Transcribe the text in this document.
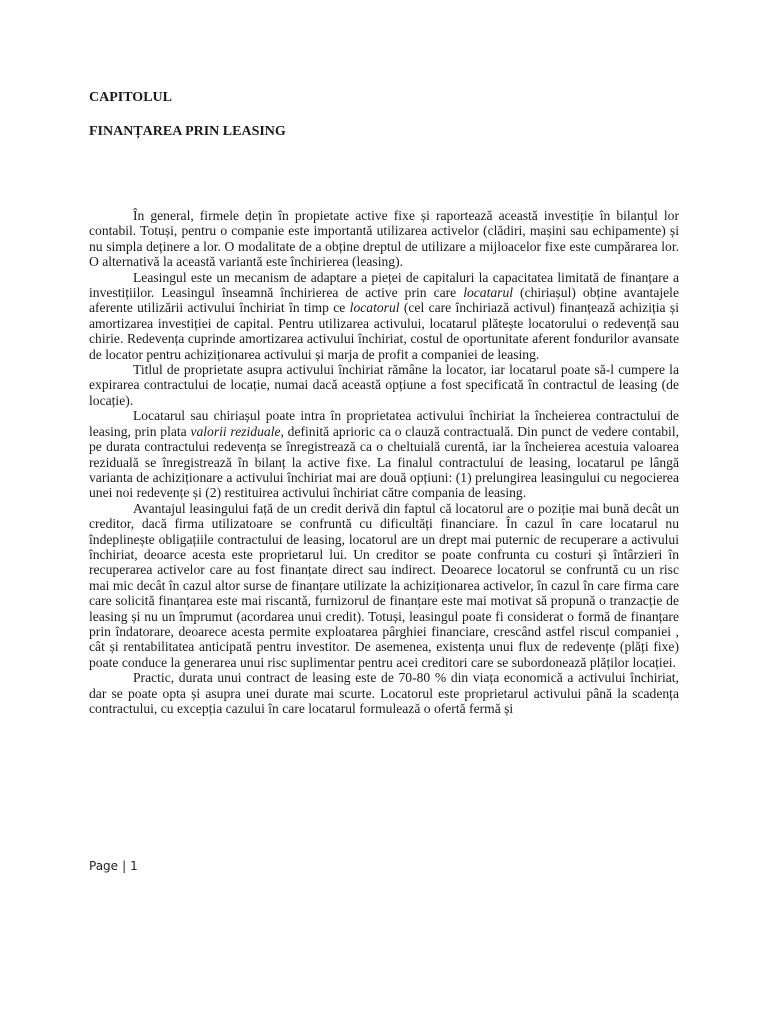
CAPITOLUL
FINANȚAREA PRIN LEASING

În general, firmele dețin în propietate active fixe și raportează această investiție în bilanțul lor contabil. Totuși, pentru o companie este importantă utilizarea activelor (clădiri, mașini sau echipamente) și nu simpla deținere a lor. O modalitate de a obține dreptul de utilizare a mijloacelor fixe este cumpărarea lor. O alternativă la această variantă este închirierea (leasing).

Leasingul este un mecanism de adaptare a pieței de capitaluri la capacitatea limitată de finanțare a investițiilor. Leasingul înseamnă închirierea de active prin care locatarul (chiriașul) obține avantajele aferente utilizării activului închiriat în timp ce locatorul (cel care închiriază activul) finanțează achiziția și amortizarea investiției de capital. Pentru utilizarea activului, locatarul plătește locatorului o redevență sau chirie. Redevența cuprinde amortizarea activului închiriat, costul de oportunitate aferent fondurilor avansate de locator pentru achiziționarea activului și marja de profit a companiei de leasing.

Titlul de proprietate asupra activului închiriat rămâne la locator, iar locatarul poate să-l cumpere la expirarea contractului de locație, numai dacă această opțiune a fost specificată în contractul de leasing (de locație).

Locatarul sau chiriașul poate intra în proprietatea activului închiriat la încheierea contractului de leasing, prin plata valorii reziduale, definită aprioric ca o clauză contractuală. Din punct de vedere contabil, pe durata contractului redevența se înregistrează ca o cheltuială curentă, iar la încheierea acestuia valoarea reziduală se înregistrează în bilanț la active fixe. La finalul contractului de leasing, locatarul pe lângă varianta de achiziționare a activului închiriat mai are două opțiuni: (1) prelungirea leasingului cu negocierea unei noi redevențe și (2) restituirea activului închiriat către compania de leasing.

Avantajul leasingului față de un credit derivă din faptul că locatorul are o poziție mai bună decât un creditor, dacă firma utilizatoare se confruntă cu dificultăți financiare. În cazul în care locatarul nu îndeplinește obligațiile contractului de leasing, locatorul are un drept mai puternic de recuperare a activului închiriat, deoarce acesta este proprietarul lui. Un creditor se poate confrunta cu costuri și întârzieri în recuperarea activelor care au fost finanțate direct sau indirect. Deoarece locatorul se confruntă cu un risc mai mic decât în cazul altor surse de finanțare utilizate la achiziționarea activelor, în cazul în care firma care care solicită finanțarea este mai riscantă, furnizorul de finanțare este mai motivat să propună o tranzacție de leasing și nu un împrumut (acordarea unui credit). Totuși, leasingul poate fi considerat o formă de finanțare prin îndatorare, deoarece acesta permite exploatarea pârghiei financiare, crescând astfel riscul companiei , cât și rentabilitatea anticipată pentru investitor. De asemenea, existența unui flux de redevențe (plăți fixe) poate conduce la generarea unui risc suplimentar pentru acei creditori care se subordonează plăților locației.

Practic, durata unui contract de leasing este de 70-80 % din viața economică a activului închiriat, dar se poate opta și asupra unei durate mai scurte. Locatorul este proprietarul activului până la scadența contractului, cu excepția cazului în care locatarul formulează o ofertă fermă și

Page | 1
